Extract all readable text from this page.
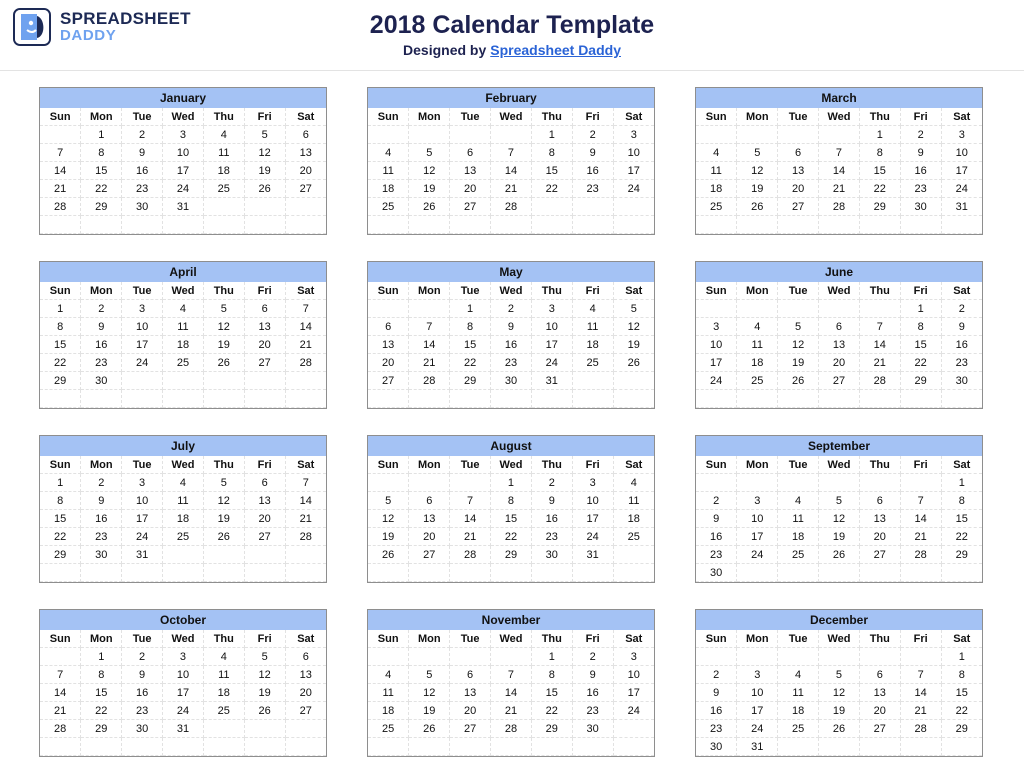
SPREADSHEET
DADDY	2018 Calendar Template
Designed by Spreadsheet Daddy
January
Sun	Mon	Tue	Wed	Thu	Fri	Sat
	1	2	3	4	5	6
7	8	9	10	11	12	13
14	15	16	17	18	19	20
21	22	23	24	25	26	27
28	29	30	31			

February
Sun	Mon	Tue	Wed	Thu	Fri	Sat
				1	2	3
4	5	6	7	8	9	10
11	12	13	14	15	16	17
18	19	20	21	22	23	24
25	26	27	28			

March
Sun	Mon	Tue	Wed	Thu	Fri	Sat
				1	2	3
4	5	6	7	8	9	10
11	12	13	14	15	16	17
18	19	20	21	22	23	24
25	26	27	28	29	30	31

April
Sun	Mon	Tue	Wed	Thu	Fri	Sat
1	2	3	4	5	6	7
8	9	10	11	12	13	14
15	16	17	18	19	20	21
22	23	24	25	26	27	28
29	30					

May
Sun	Mon	Tue	Wed	Thu	Fri	Sat
		1	2	3	4	5
6	7	8	9	10	11	12
13	14	15	16	17	18	19
20	21	22	23	24	25	26
27	28	29	30	31		

June
Sun	Mon	Tue	Wed	Thu	Fri	Sat
					1	2
3	4	5	6	7	8	9
10	11	12	13	14	15	16
17	18	19	20	21	22	23
24	25	26	27	28	29	30

July
Sun	Mon	Tue	Wed	Thu	Fri	Sat
1	2	3	4	5	6	7
8	9	10	11	12	13	14
15	16	17	18	19	20	21
22	23	24	25	26	27	28
29	30	31				

August
Sun	Mon	Tue	Wed	Thu	Fri	Sat
			1	2	3	4
5	6	7	8	9	10	11
12	13	14	15	16	17	18
19	20	21	22	23	24	25
26	27	28	29	30	31	

September
Sun	Mon	Tue	Wed	Thu	Fri	Sat
						1
2	3	4	5	6	7	8
9	10	11	12	13	14	15
16	17	18	19	20	21	22
23	24	25	26	27	28	29
30						
October
Sun	Mon	Tue	Wed	Thu	Fri	Sat
	1	2	3	4	5	6
7	8	9	10	11	12	13
14	15	16	17	18	19	20
21	22	23	24	25	26	27
28	29	30	31			

November
Sun	Mon	Tue	Wed	Thu	Fri	Sat
				1	2	3
4	5	6	7	8	9	10
11	12	13	14	15	16	17
18	19	20	21	22	23	24
25	26	27	28	29	30	

December
Sun	Mon	Tue	Wed	Thu	Fri	Sat
						1
2	3	4	5	6	7	8
9	10	11	12	13	14	15
16	17	18	19	20	21	22
23	24	25	26	27	28	29
30	31					
